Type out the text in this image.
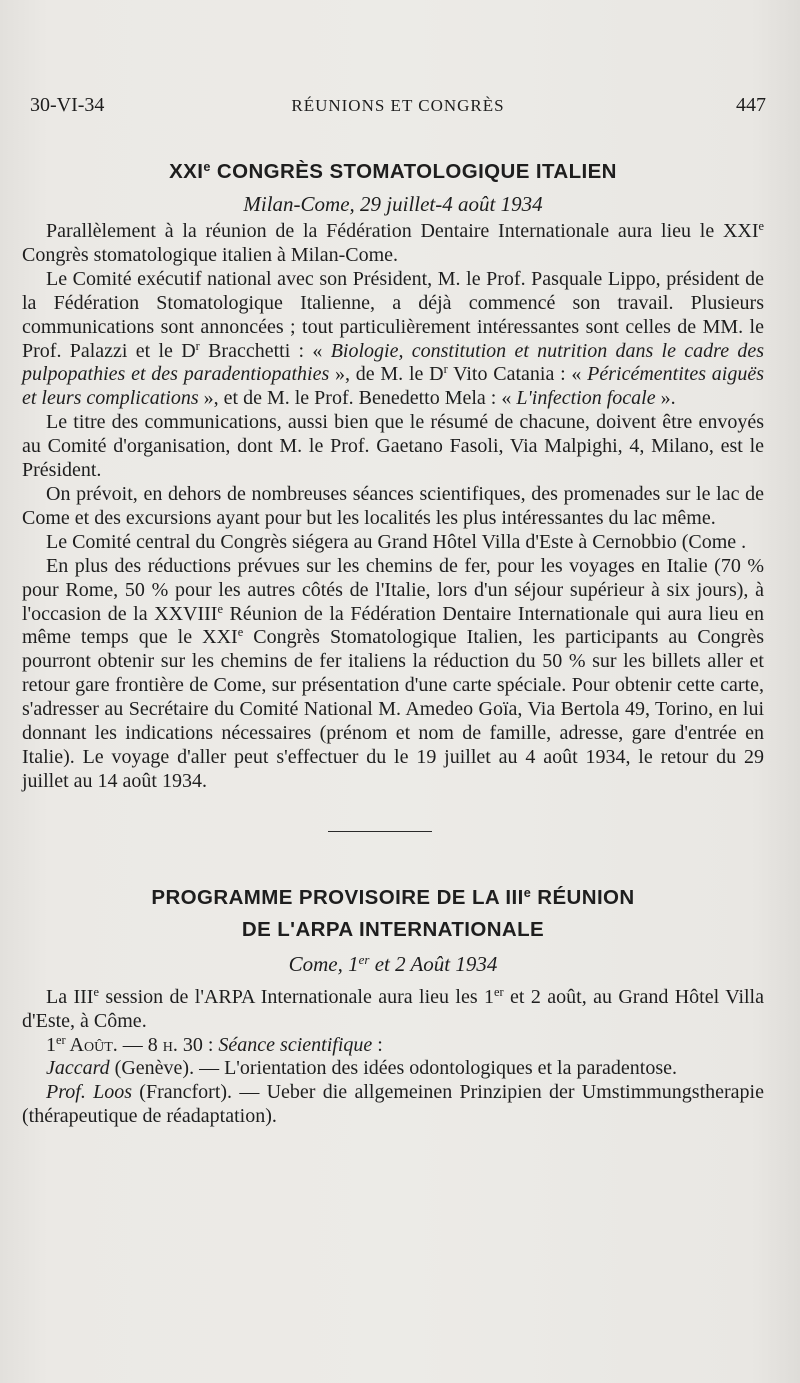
30-VI-34	RÉUNIONS ET CONGRÈS	447
XXIe CONGRÈS STOMATOLOGIQUE ITALIEN
Milan-Come, 29 juillet-4 août 1934

Parallèlement à la réunion de la Fédération Dentaire Internationale aura lieu le XXIe Congrès stomatologique italien à Milan-Come.

Le Comité exécutif national avec son Président, M. le Prof. Pasquale Lippo, président de la Fédération Stomatologique Italienne, a déjà commencé son travail. Plusieurs communications sont annoncées ; tout particulièrement intéressantes sont celles de MM. le Prof. Palazzi et le $D^r$ Bracchetti : « Biologie, constitution et nutrition dans le cadre des pulpopathies et des paradentiopathies », de M. le $D^r$ Vito Catania : « Péricémentites aiguës et leurs complications », et de M. le Prof. Benedetto Mela : « L'infection focale ».

Le titre des communications, aussi bien que le résumé de chacune, doivent être envoyés au Comité d'organisation, dont M. le Prof. Gaetano Fasoli, Via Malpighi, 4, Milano, est le Président.

On prévoit, en dehors de nombreuses séances scientifiques, des promenades sur le lac de Come et des excursions ayant pour but les localités les plus intéressantes du lac même.

Le Comité central du Congrès siégera au Grand Hôtel Villa d'Este à Cernobbio (Come .

En plus des réductions prévues sur les chemins de fer, pour les voyages en Italie (70 % pour Rome, 50 % pour les autres côtés de l'Italie, lors d'un séjour supérieur à six jours), à l'occasion de la XXVIIIe Réunion de la Fédération Dentaire Internationale qui aura lieu en même temps que le XXIe Congrès Stomatologique Italien, les participants au Congrès pourront obtenir sur les chemins de fer italiens la réduction du 50 % sur les billets aller et retour gare frontière de Come, sur présentation d'une carte spéciale. Pour obtenir cette carte, s'adresser au Secrétaire du Comité National M. Amedeo Goïa, Via Bertola 49, Torino, en lui donnant les indications nécessaires (prénom et nom de famille, adresse, gare d'entrée en Italie). Le voyage d'aller peut s'effectuer du le 19 juillet au 4 août 1934, le retour du 29 juillet au 14 août 1934.

PROGRAMME PROVISOIRE DE LA IIIe RÉUNION
DE L'ARPA INTERNATIONALE
Come, 1er et 2 Août 1934

La IIIe session de l'ARPA Internationale aura lieu les 1er et 2 août, au Grand Hôtel Villa d'Este, à Côme.

1er Août. — 8 h. 30 : Séance scientifique :

Jaccard (Genève). — L'orientation des idées odontologiques et la paradentose.

Prof. Loos (Francfort). — Ueber die allgemeinen Prinzipien der Umstimmungstherapie (thérapeutique de réadaptation).
